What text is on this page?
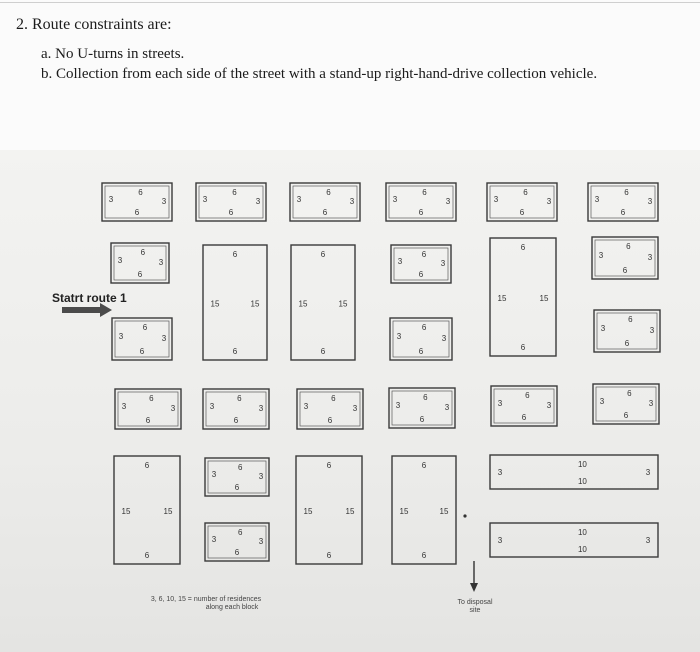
2. Route constraints are:
a. No U-turns in streets.
b. Collection from each side of the street with a stand-up right-hand-drive collection vehicle.
6
3
6
3
6
3
6
3
6
3
6
3
6
3
6
3
6
3
6
3
6
3
6
3
6
3
6
3
6
3
6
3
6
3
6
3
6
3
6
3
6
3
6
3
6
3
6
3
6
6
15	15
6
6
15	15
6
6
15	15
6
3
6
3
6
3
6
3
6
3
6
3
6
3
6
3
6
3
6
3
6
3
6
3
6
6
15	15
6
6
15	15
6
6
15	15
6
3
6
3
6
3
6
3
10
10
3	3
10
10
3	3
Statrt route 1
To disposal
site
3, 6, 10, 15 = number of residences
along each block
